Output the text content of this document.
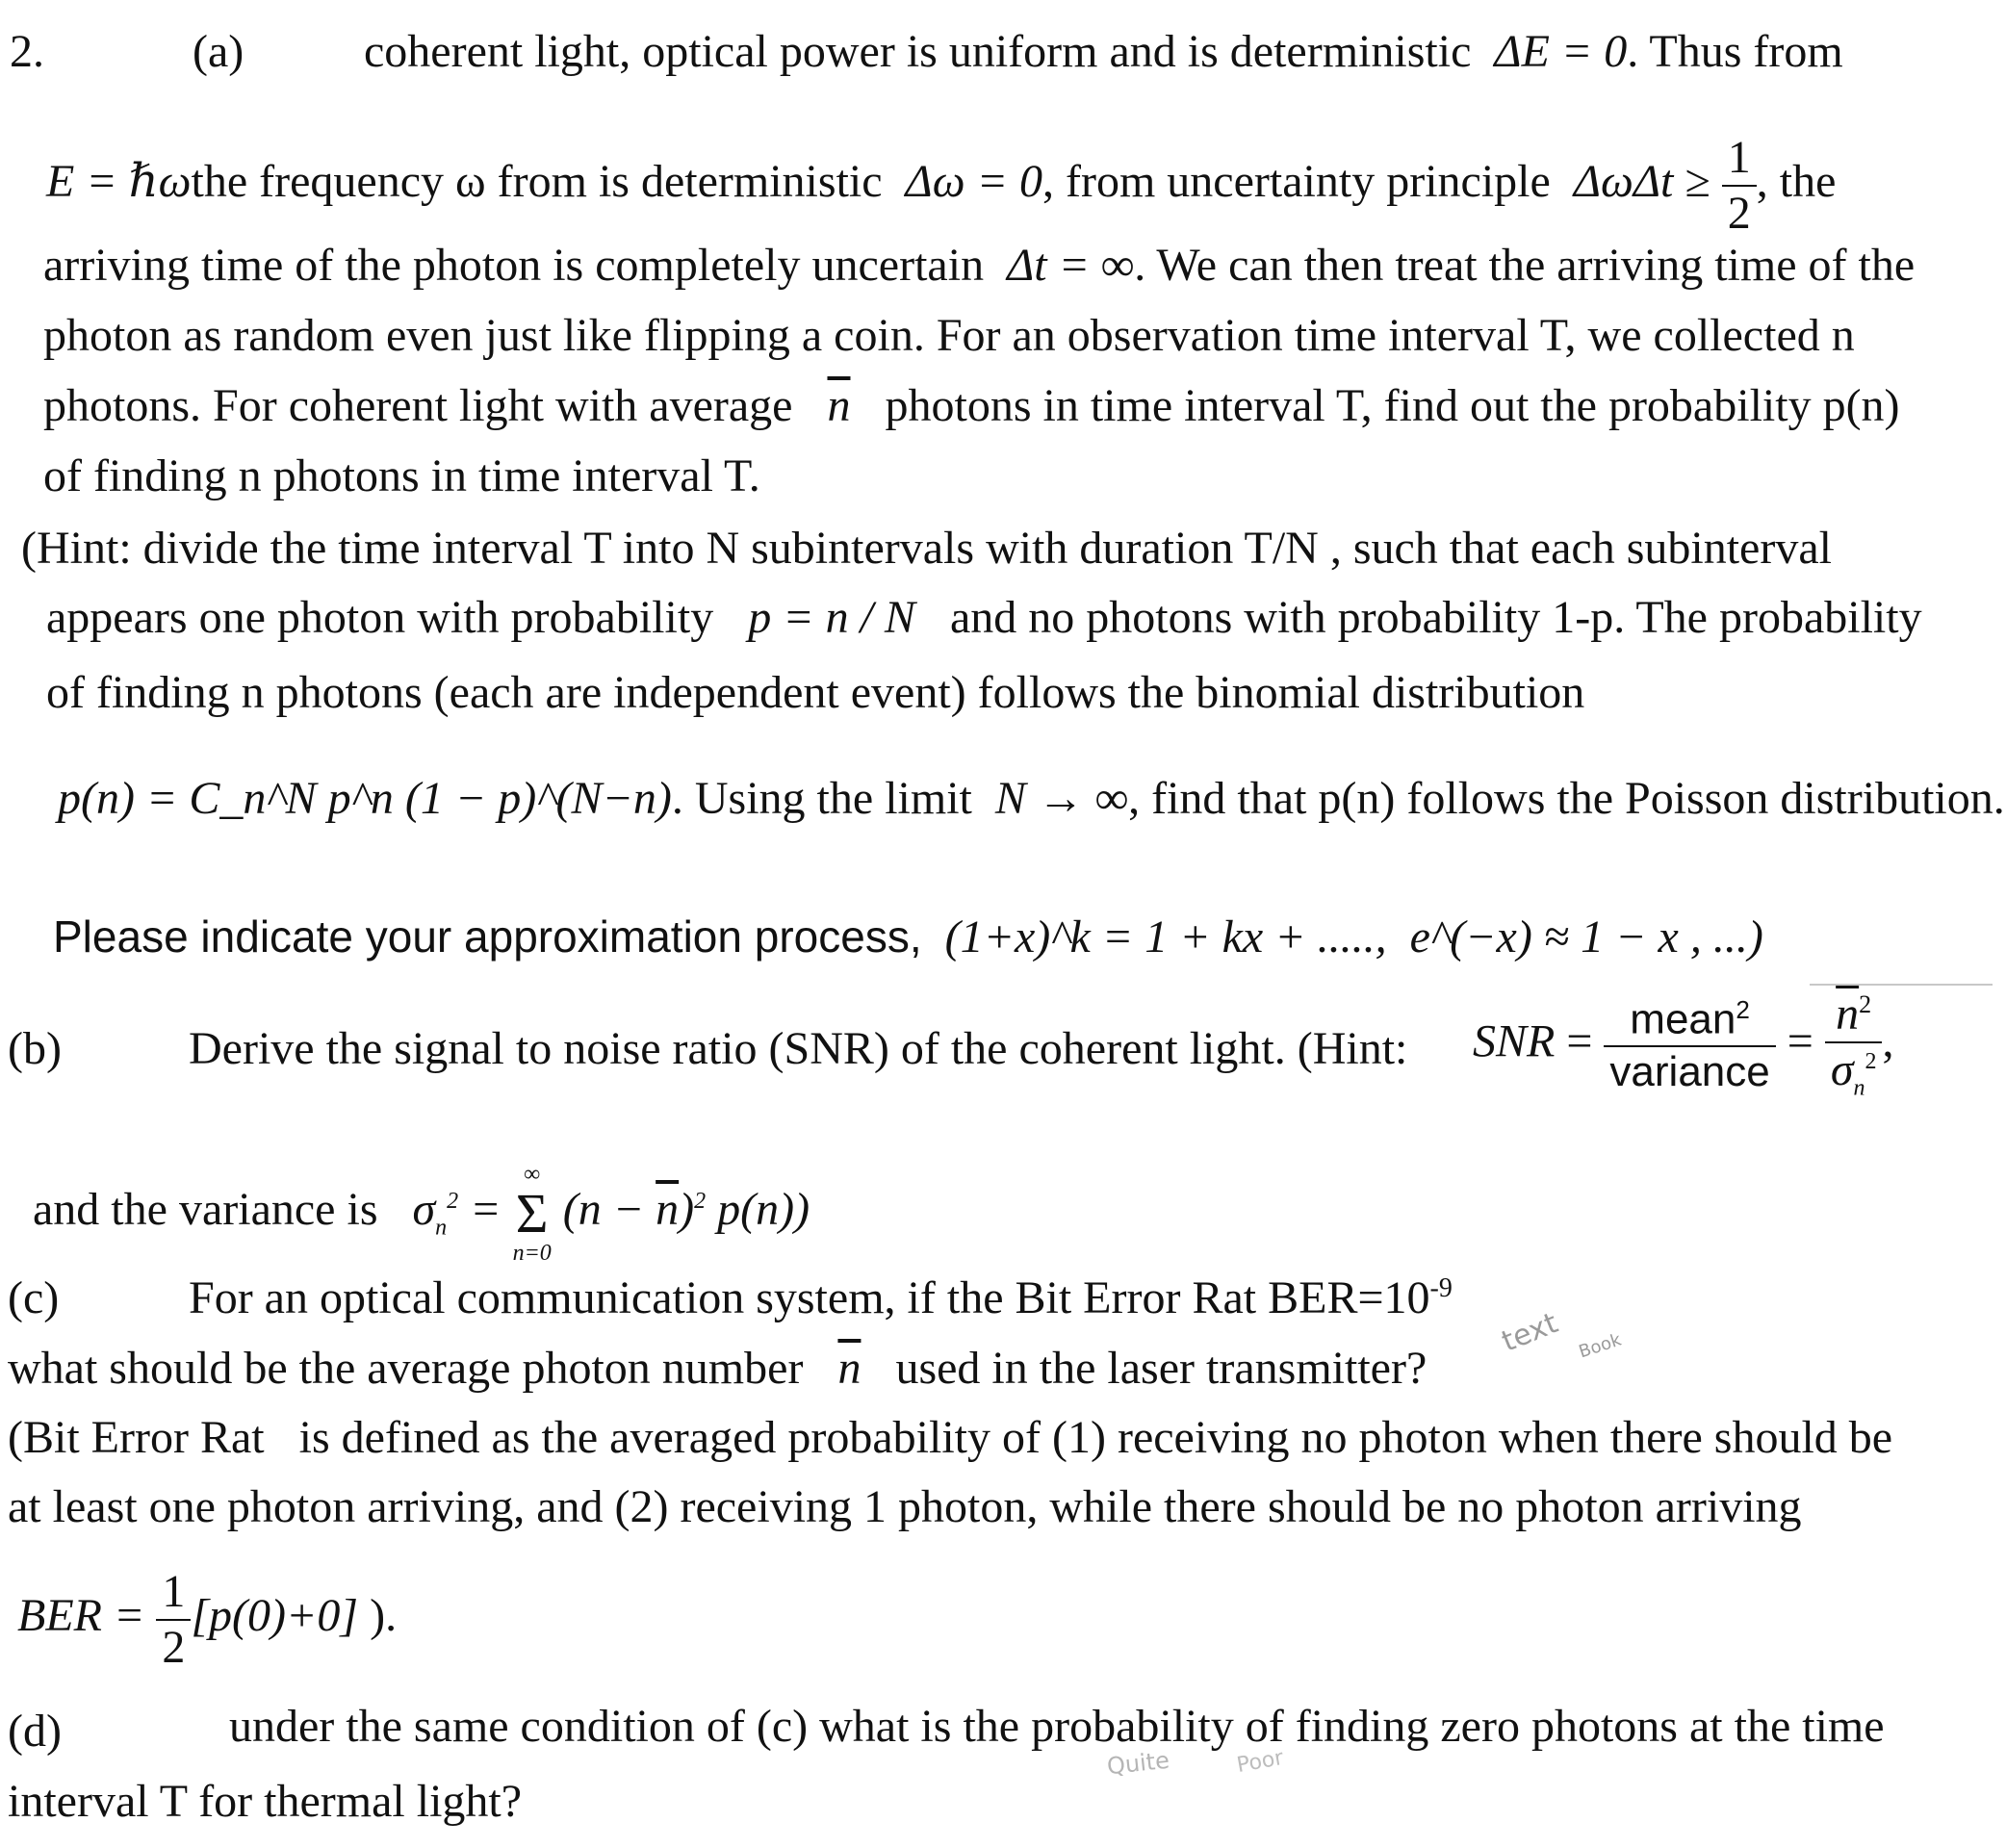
2.	(a)	coherent light, optical power is uniform and is deterministic ΔE = 0. Thus from
E = ℏωthe frequency ω from is deterministic Δω = 0, from uncertainty principle $\Delta\omega\Delta t \ge \frac{1}{2}$ , the
arriving time of the photon is completely uncertain Δt = ∞. We can then treat the arriving time of the
photon as random even just like flipping a coin. For an observation time interval T, we collected n
photons. For coherent light with average $\overline{n}$ photons in time interval T, find out the probability p(n)
of finding n photons in time interval T.
(Hint: divide the time interval T into N subintervals with duration T/N , such that each subinterval
appears one photon with probability p = n / N and no photons with probability 1-p. The probability
of finding n photons (each are independent event) follows the binomial distribution
p(n) = C_n^N p^n (1 − p)^(N−n). Using the limit N → ∞, find that p(n) follows the Poisson distribution.
Please indicate your approximation process, (1+x)^k = 1 + kx + ....., e^(−x) ≈ 1 − x , ...)
(b)	Derive the signal to noise ratio (SNR) of the coherent light. (Hint: SNR = $\frac{mean^2}{\text{variance}} = \frac{\overline{n}^2}{\sigma_n^2}$ ,
and the variance is $\sigma_n^2$ =
∞
Σ
n=0
$(n - \overline{n})^2$ p(n))
(c)	For an optical communication system, if the Bit Error Rat $BER=10^{-9}$
what should be the average photon number $\overline{n}$ used in the laser transmitter?
(Bit Error Rat   is defined as the averaged probability of (1) receiving no photon when there should be
at least one photon arriving, and (2) receiving 1 photon, while there should be no photon arriving
BER = $\frac{1}{2} [p(0)+0]$ ).
(d)	under the same condition of (c) what is the probability of finding zero photons at the time
interval T for thermal light?
text Book
Quite	Poor
